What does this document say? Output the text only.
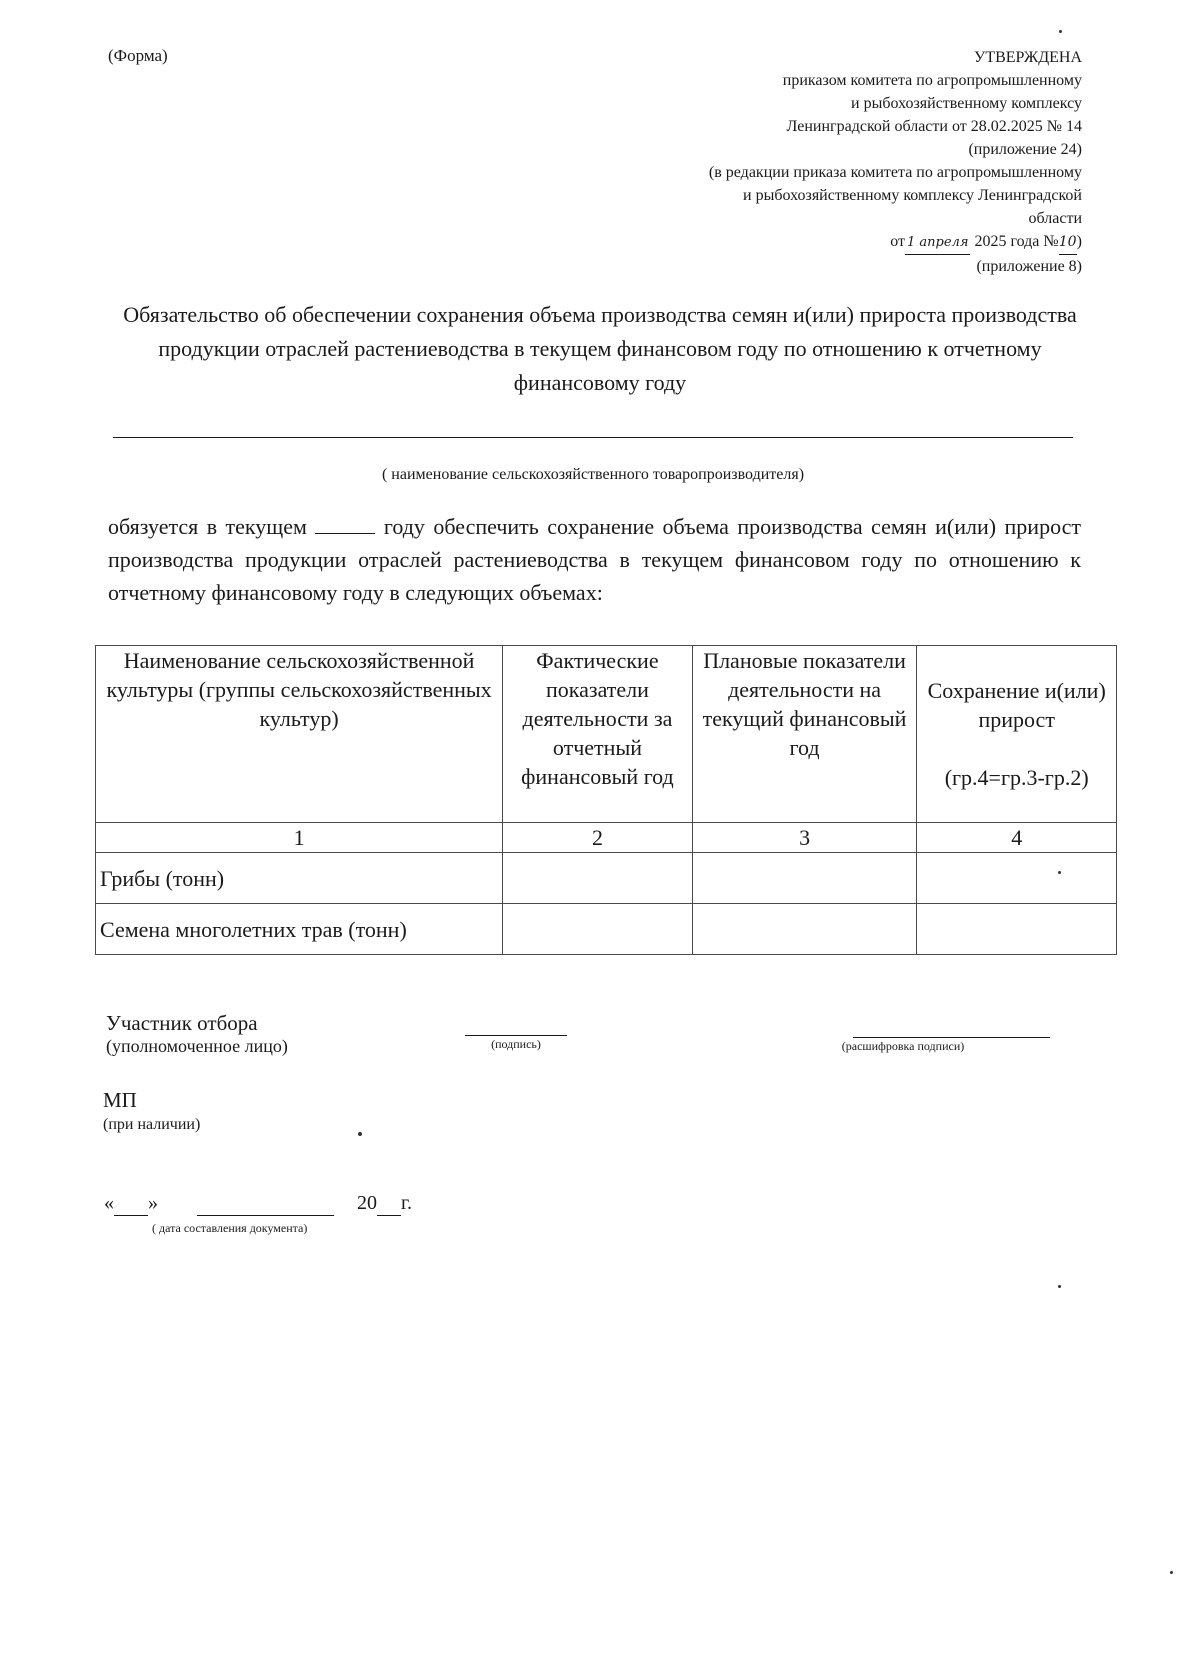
(Форма)	УТВЕРЖДЕНА
приказом комитета по агропромышленному
и рыбохозяйственному комплексу
Ленинградской области от 28.02.2025 № 14
(приложение 24)
(в редакции приказа комитета по агропромышленному
и рыбохозяйственному комплексу Ленинградской
области
от 1 апреля 2025 года №10)
(приложение 8)
Обязательство об обеспечении сохранения объема производства семян и(или) прироста производства продукции отраслей растениеводства в текущем финансовом году по отношению к отчетному финансовому году
( наименование сельскохозяйственного товаропроизводителя)
обязуется в текущем	году обеспечить сохранение объема производства семян и(или) прирост производства продукции отраслей растениеводства в текущем финансовом году по отношению к отчетному финансовому году в следующих объемах:
Наименование сельскохозяйственной культуры (группы сельскохозяйственных культур)	Фактические показатели деятельности за отчетный финансовый год	Плановые показатели деятельности на текущий финансовый год	Сохранение и(или) прирост
(гр.4=гр.3-гр.2)

1	2	3	4
Грибы (тонн)			
Семена многолетних трав (тонн)			
Участник отбора
(уполномоченное лицо)	(подпись)	(расшифровка подписи)
МП
(при наличии)
« »	20 г.
( дата составления документа)
